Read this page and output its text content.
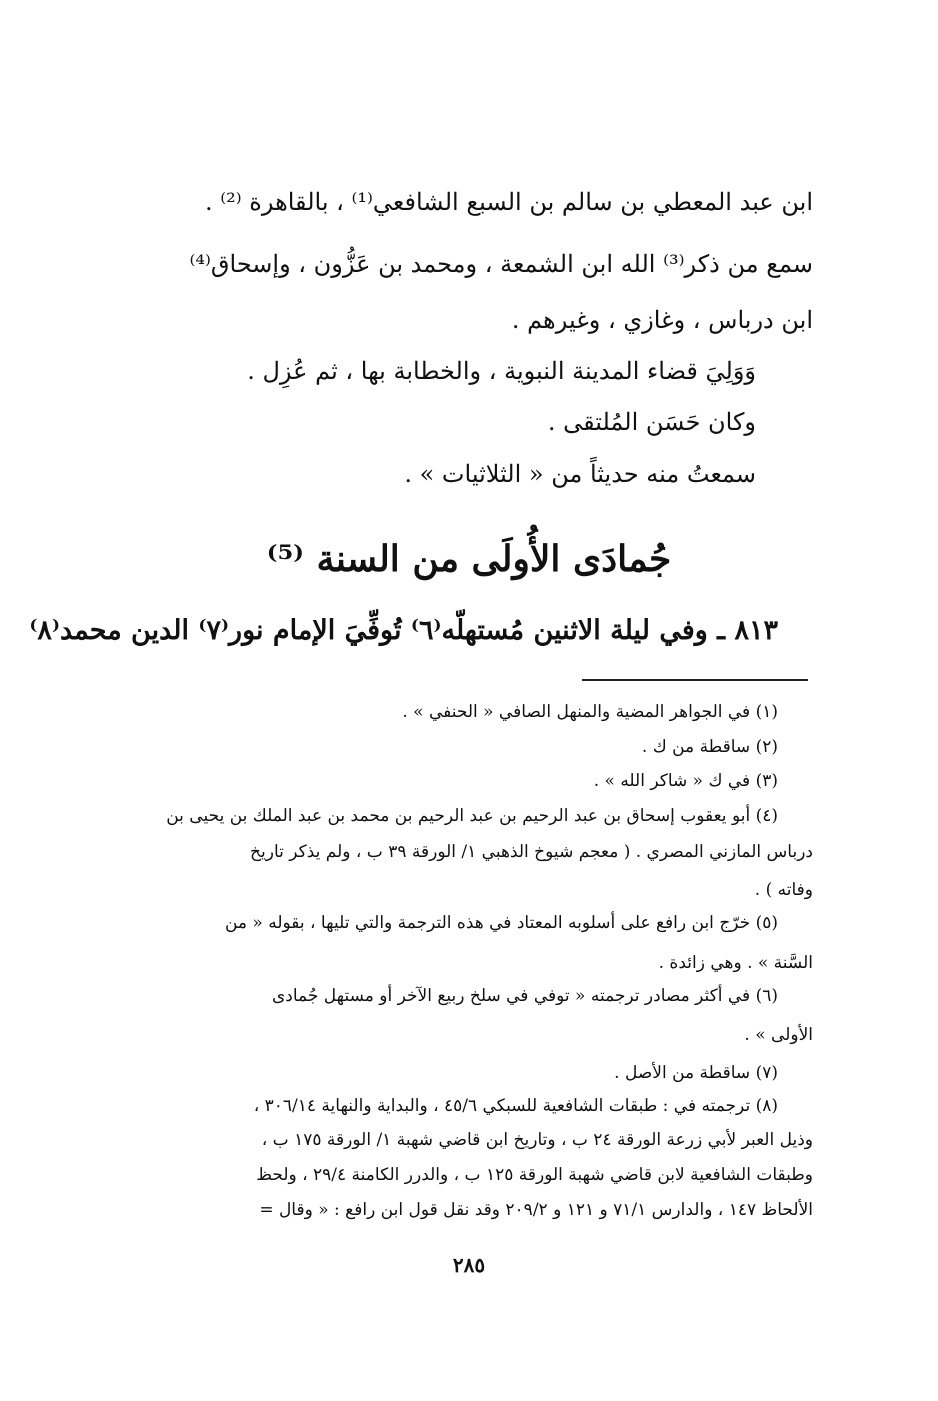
ابن عبد المعطي بن سالم بن السبع الشافعي⁽¹⁾ ، بالقاهرة ⁽²⁾ .
سمع من ذكر⁽³⁾ الله ابن الشمعة ، ومحمد بن عَزُّون ، وإسحاق⁽⁴⁾
ابن درباس ، وغازي ، وغيرهم .
وَوَلِيَ قضاء المدينة النبوية ، والخطابة بها ، ثم عُزِل .
وكان حَسَن المُلتقى .
سمعتُ منه حديثاً من « الثلاثيات » .
جُمادَى الأُولَى من السنة ⁽⁵⁾
٨١٣ ـ وفي ليلة الاثنين مُستهلّه⁽٦⁾ تُوفِّيَ الإمام نور⁽٧⁾ الدين محمد⁽٨⁾
(١) في الجواهر المضية والمنهل الصافي « الحنفي » .
(٢) ساقطة من ك .
(٣) في ك « شاكر الله » .
(٤) أبو يعقوب إسحاق بن عبد الرحيم بن عبد الرحيم بن محمد بن عبد الملك بن يحيى بن
درباس المازني المصري . ( معجم شيوخ الذهبي ١/ الورقة ٣٩ ب ، ولم يذكر تاريخ
وفاته ) .
(٥) خرّج ابن رافع على أسلوبه المعتاد في هذه الترجمة والتي تليها ، بقوله « من
السَّنة » . وهي زائدة .
(٦) في أكثر مصادر ترجمته « توفي في سلخ ربيع الآخر أو مستهل جُمادى
الأولى » .
(٧) ساقطة من الأصل .
(٨) ترجمته في : طبقات الشافعية للسبكي ٤٥/٦ ، والبداية والنهاية ٣٠٦/١٤ ،
وذيل العبر لأبي زرعة الورقة ٢٤ ب ، وتاريخ ابن قاضي شهبة ١/ الورقة ١٧٥ ب ،
وطبقات الشافعية لابن قاضي شهبة الورقة ١٢٥ ب ، والدرر الكامنة ٢٩/٤ ، ولحظ
الألحاظ ١٤٧ ، والدارس ٧١/١ و ١٢١ و ٢٠٩/٢ وقد نقل قول ابن رافع : « وقال =
٢٨٥
